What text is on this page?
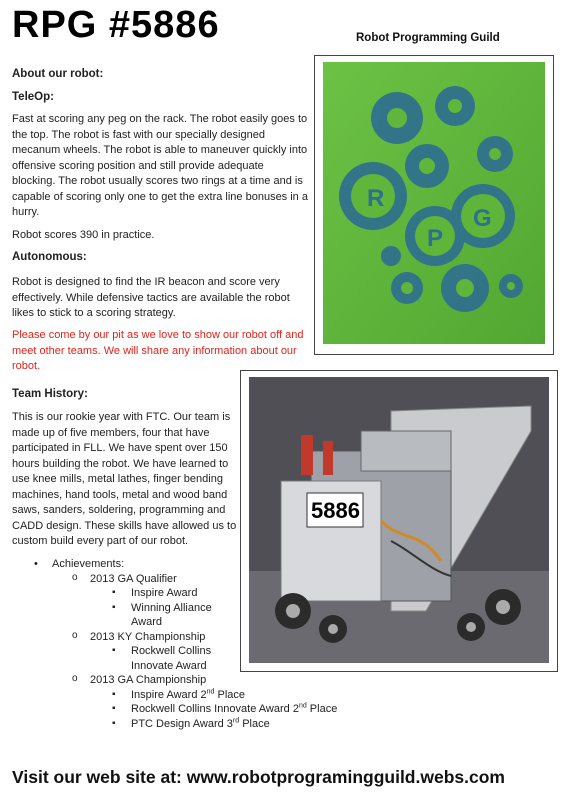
RPG #5886	Robot Programming Guild
About our robot:
TeleOp:
Fast at scoring any peg on the rack. The robot easily goes to the top. The robot is fast with our specially designed mecanum wheels. The robot is able to maneuver quickly into offensive scoring position and still provide adequate blocking. The robot usually scores two rings at a time and is capable of scoring only one to get the extra line bonuses in a hurry.
Robot scores 390 in practice.
Autonomous:
Robot is designed to find the IR beacon and score very effectively. While defensive tactics are available the robot likes to stick to a scoring strategy.
Please come by our pit as we love to show our robot off and meet other teams. We will share any information about our robot.
Team History:
This is our rookie year with FTC. Our team is made up of five members, four that have participated in FLL. We have spent over 150 hours building the robot. We have learned to use knee mills, metal lathes, finger bending machines, hand tools, metal and wood band saws, sanders, soldering, programming and CADD design. These skills have allowed us to custom build every part of our robot.
R
P
G
5886
• Achievements:
o 2013 GA Qualifier
▪ Inspire Award
▪ Winning Alliance Award
o 2013 KY Championship
▪ Rockwell Collins Innovate Award
o 2013 GA Championship
▪ Inspire Award 2nd Place
▪ Rockwell Collins Innovate Award 2nd Place
▪ PTC Design Award 3rd Place
Visit our web site at: www.robotprogramingguild.webs.com
